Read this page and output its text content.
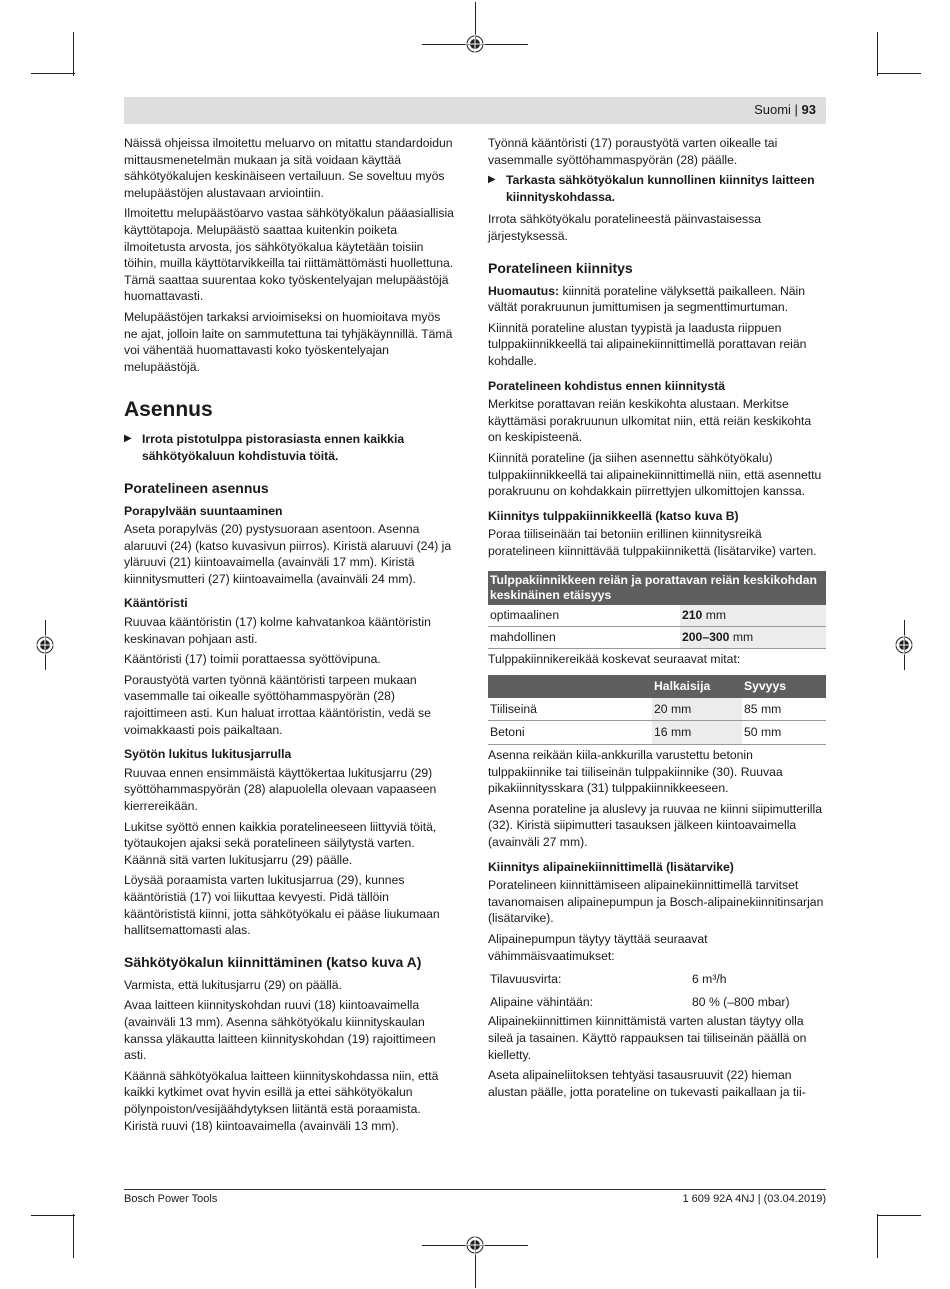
Suomi | 93

Näissä ohjeissa ilmoitettu meluarvo on mitattu standardoidun mittausmenetelmän mukaan ja sitä voidaan käyttää sähkötyökalujen keskinäiseen vertailuun. Se soveltuu myös melupäästöjen alustavaan arviointiin.

Ilmoitettu melupäästöarvo vastaa sähkötyökalun pääasiallisia käyttötapoja. Melupäästö saattaa kuitenkin poiketa ilmoitetusta arvosta, jos sähkötyökalua käytetään toisiin töihin, muilla käyttötarvikkeilla tai riittämättömästi huollettuna. Tämä saattaa suurentaa koko työskentelyajan melupäästöjä huomattavasti.

Melupäästöjen tarkaksi arvioimiseksi on huomioitava myös ne ajat, jolloin laite on sammutettuna tai tyhjäkäynnillä. Tämä voi vähentää huomattavasti koko työskentelyajan melupäästöjä.

Asennus
▶ Irrota pistotulppa pistorasiasta ennen kaikkia sähkötyökaluun kohdistuvia töitä.
Poratelineen asennus
Porapylvään suuntaaminen

Aseta porapylväs (20) pystysuoraan asentoon. Asenna alaruuvi (24) (katso kuvasivun piirros). Kiristä alaruuvi (24) ja yläruuvi (21) kiintoavaimella (avainväli 17 mm). Kiristä kiinnitysmutteri (27) kiintoavaimella (avainväli 24 mm).

Kääntöristi

Ruuvaa kääntöristin (17) kolme kahvatankoa kääntöristin keskinavan pohjaan asti.

Kääntöristi (17) toimii porattaessa syöttövipuna.

Poraustyötä varten työnnä kääntöristi tarpeen mukaan vasemmalle tai oikealle syöttöhammaspyörän (28) rajoittimeen asti. Kun haluat irrottaa kääntöristin, vedä se voimakkaasti pois paikaltaan.

Syötön lukitus lukitusjarrulla

Ruuvaa ennen ensimmäistä käyttökertaa lukitusjarru (29) syöttöhammaspyörän (28) alapuolella olevaan vapaaseen kierrereikään.

Lukitse syöttö ennen kaikkia poratelineeseen liittyviä töitä, työtaukojen ajaksi sekä poratelineen säilytystä varten. Käännä sitä varten lukitusjarru (29) päälle.

Löysää poraamista varten lukitusjarrua (29), kunnes kääntöristiä (17) voi liikuttaa kevyesti. Pidä tällöin kääntörististä kiinni, jotta sähkötyökalu ei pääse liukumaan hallitsemattomasti alas.

Sähkötyökalun kiinnittäminen (katso kuva A)

Varmista, että lukitusjarru (29) on päällä.

Avaa laitteen kiinnityskohdan ruuvi (18) kiintoavaimella (avainväli 13 mm). Asenna sähkötyökalu kiinnityskaulan kanssa yläkautta laitteen kiinnityskohdan (19) rajoittimeen asti.

Käännä sähkötyökalua laitteen kiinnityskohdassa niin, että kaikki kytkimet ovat hyvin esillä ja ettei sähkötyökalun pölynpoiston/vesijäähdytyksen liitäntä estä poraamista. Kiristä ruuvi (18) kiintoavaimella (avainväli 13 mm).

Työnnä kääntöristi (17) poraustyötä varten oikealle tai vasemmalle syöttöhammaspyörän (28) päälle.

▶ Tarkasta sähkötyökalun kunnollinen kiinnitys laitteen kiinnityskohdassa.

Irrota sähkötyökalu poratelineestä päinvastaisessa järjestyksessä.

Poratelineen kiinnitys

Huomautus: kiinnitä porateline välyksettä paikalleen. Näin vältät porakruunun jumittumisen ja segmenttimurtuman.

Kiinnitä porateline alustan tyypistä ja laadusta riippuen tulppakiinnikkeellä tai alipainekiinnittimellä porattavan reiän kohdalle.

Poratelineen kohdistus ennen kiinnitystä

Merkitse porattavan reiän keskikohta alustaan. Merkitse käyttämäsi porakruunun ulkomitat niin, että reiän keskikohta on keskipisteenä.

Kiinnitä porateline (ja siihen asennettu sähkötyökalu) tulppakiinnikkeellä tai alipainekiinnittimellä niin, että asennettu porakruunu on kohdakkain piirrettyjen ulkomittojen kanssa.

Kiinnitys tulppakiinnikkeellä (katso kuva B)

Poraa tiiliseinään tai betoniin erillinen kiinnitysreikä poratelineen kiinnittävää tulppakiinnikettä (lisätarvike) varten.

Tulppakiinnikkeen reiän ja porattavan reiän keskikohdan keskinäinen etäisyys	
optimaalinen	210 mm
mahdollinen	200–300 mm

Tulppakiinnikereikää koskevat seuraavat mitat:

	Halkaisija	Syvyys
Tiiliseinä	20 mm	85 mm
Betoni	16 mm	50 mm

Asenna reikään kiila-ankkurilla varustettu betonin tulppakiinnike tai tiiliseinän tulppakiinnike (30). Ruuvaa pikakiinnitysskara (31) tulppakiinnikkeeseen.

Asenna porateline ja aluslevy ja ruuvaa ne kiinni siipimutterilla (32). Kiristä siipimutteri tasauksen jälkeen kiintoavaimella (avainväli 27 mm).

Kiinnitys alipainekiinnittimellä (lisätarvike)

Poratelineen kiinnittämiseen alipainekiinnittimellä tarvitset tavanomaisen alipainepumpun ja Bosch-alipainekiinnitinsarjan (lisätarvike).

Alipainepumpun täytyy täyttää seuraavat vähimmäisvaatimukset:

Tilavuusvirta:	6 m³/h
Alipaine vähintään:	80 % (–800 mbar)

Alipainekiinnittimen kiinnittämistä varten alustan täytyy olla sileä ja tasainen. Käyttö rappauksen tai tiiliseinän päällä on kielletty.

Aseta alipaineliitoksen tehtyäsi tasausruuvit (22) hieman alustan päälle, jotta porateline on tukevasti paikallaan ja tii-

Bosch Power Tools	1 609 92A 4NJ | (03.04.2019)
